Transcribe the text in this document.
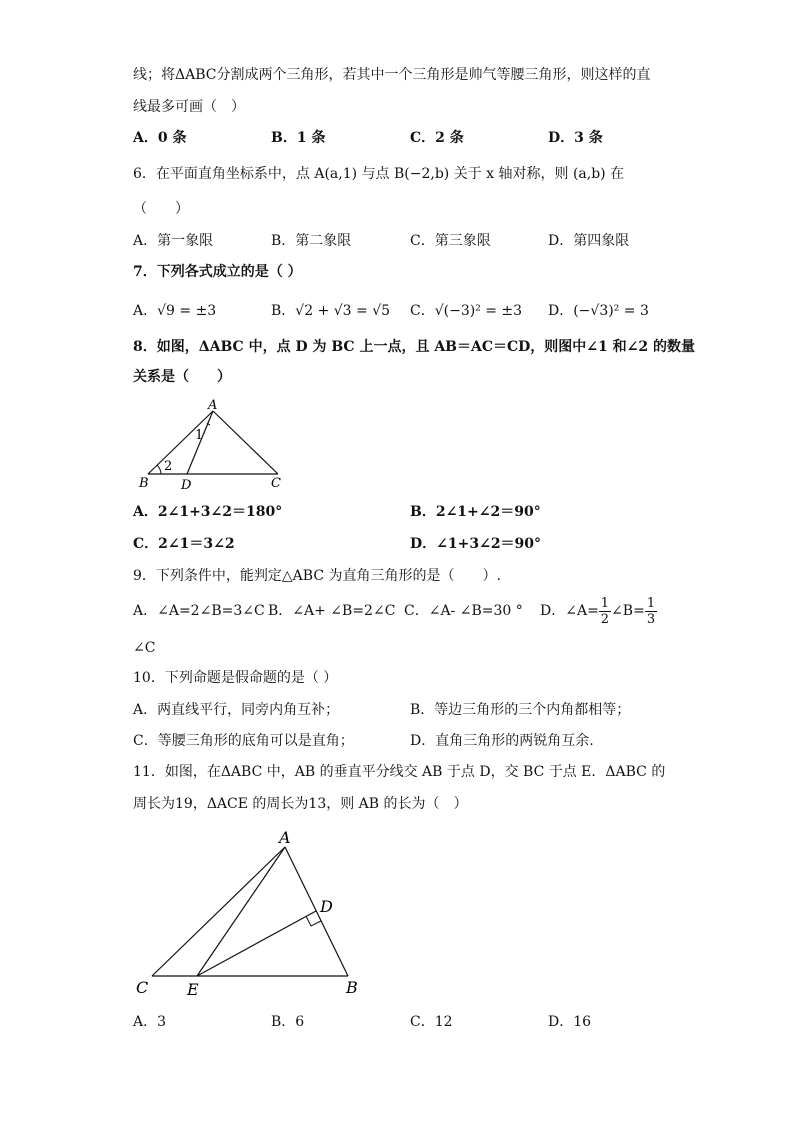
线；将ΔABC分割成两个三角形，若其中一个三角形是帅气等腰三角形，则这样的直
线最多可画（　）
A．0 条	B．1 条	C．2 条	D．3 条
6．在平面直角坐标系中，点 A(a,1) 与点 B(−2,b) 关于 x 轴对称，则 (a,b) 在
（　　）
A．第一象限	B．第二象限	C．第三象限	D．第四象限
7．下列各式成立的是（ ）
A．√9 = ±3	B．√2 + √3 = √5 C．√(−3)² = ±3 D．(−√3)² = 3
8．如图，ΔABC 中，点 D 为 BC 上一点，且 AB＝AC＝CD，则图中∠1 和∠2 的数量
关系是（　　）
A
B D	C
1
2
A．2∠1+3∠2＝180°	B．2∠1+∠2＝90°
C．2∠1＝3∠2	D．∠1+3∠2＝90°
9．下列条件中，能判定△ABC 为直角三角形的是（　　）.
A．∠A=2∠B=3∠C B．∠A+ ∠B=2∠C C．∠A- ∠B=30 ° D．∠A= $\frac{1}{2}$ ∠B= $\frac{1}{3}$
∠C
10．下列命题是假命题的是（ ）
A．两直线平行，同旁内角互补；	B．等边三角形的三个内角都相等；
C．等腰三角形的底角可以是直角；	D．直角三角形的两锐角互余.
11．如图，在ΔABC 中，AB 的垂直平分线交 AB 于点 D，交 BC 于点 E．ΔABC 的
周长为19，ΔACE 的周长为13，则 AB 的长为（　）
A
D
C E	B
A．3	B．6	C．12	D．16
